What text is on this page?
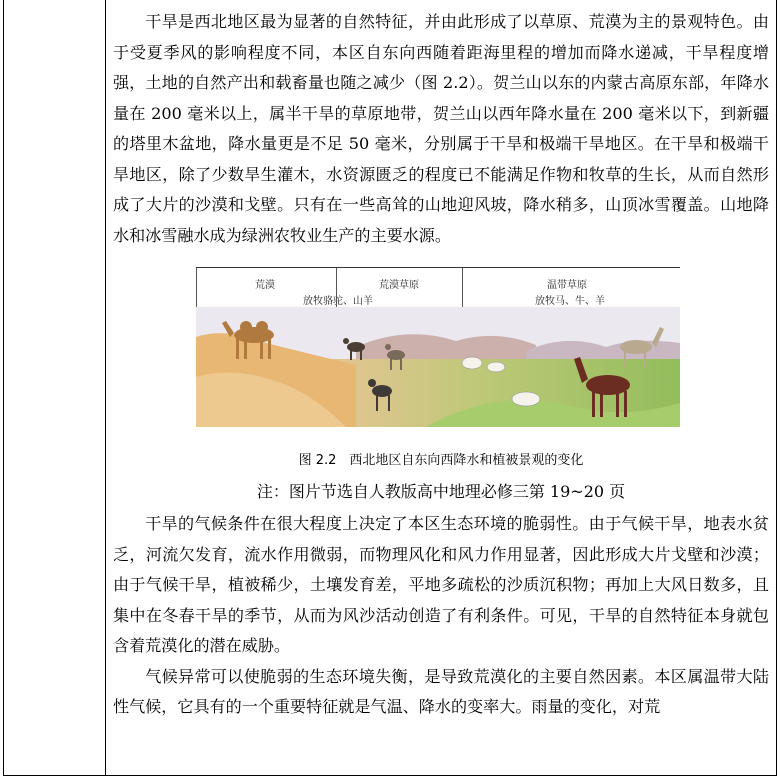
干旱是西北地区最为显著的自然特征，并由此形成了以草原、荒漠为主的景观特色。由于受夏季风的影响程度不同，本区自东向西随着距海里程的增加而降水递减，干旱程度增强，土地的自然产出和载畜量也随之减少（图 2.2）。贺兰山以东的内蒙古高原东部，年降水量在 200 毫米以上，属半干旱的草原地带，贺兰山以西年降水量在 200 毫米以下，到新疆的塔里木盆地，降水量更是不足 50 毫米，分别属于干旱和极端干旱地区。在干旱和极端干旱地区，除了少数旱生灌木，水资源匮乏的程度已不能满足作物和牧草的生长，从而自然形成了大片的沙漠和戈壁。只有在一些高耸的山地迎风坡，降水稍多，山顶冰雪覆盖。山地降水和冰雪融水成为绿洲农牧业生产的主要水源。

荒漠
放牧骆驼、山羊
荒漠草原	温带草原
放牧马、牛、羊
图 2.2　西北地区自东向西降水和植被景观的变化
注：图片节选自人教版高中地理必修三第 19~20 页

干旱的气候条件在很大程度上决定了本区生态环境的脆弱性。由于气候干旱，地表水贫乏，河流欠发育，流水作用微弱，而物理风化和风力作用显著，因此形成大片戈壁和沙漠；由于气候干旱，植被稀少，土壤发育差，平地多疏松的沙质沉积物；再加上大风日数多，且集中在冬春干旱的季节，从而为风沙活动创造了有利条件。可见，干旱的自然特征本身就包含着荒漠化的潜在威胁。

气候异常可以使脆弱的生态环境失衡，是导致荒漠化的主要自然因素。本区属温带大陆性气候，它具有的一个重要特征就是气温、降水的变率大。雨量的变化，对荒
